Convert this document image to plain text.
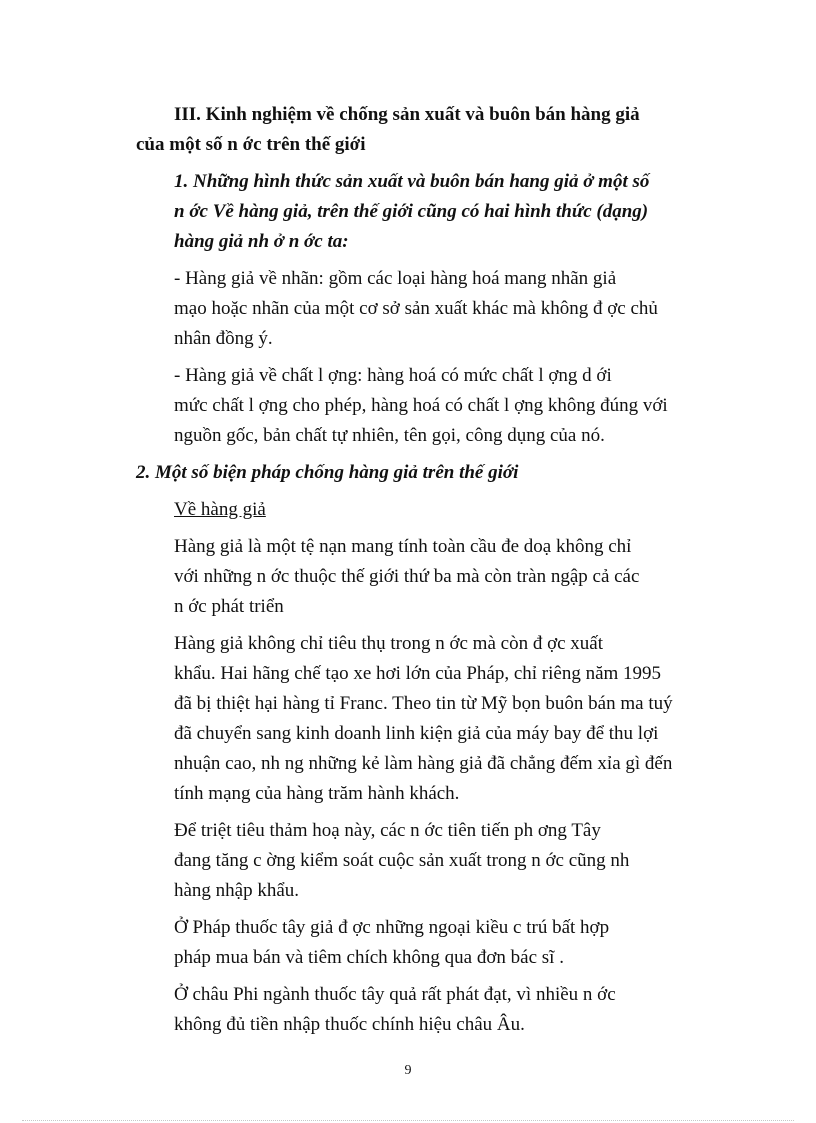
III. Kinh nghiệm về chống sản xuất và buôn bán hàng giả
của một số n ớc trên thế giới

1. Những hình thức sản xuất và buôn bán hang giả ở một số
n ớc Về hàng giả, trên thế giới cũng có hai hình thức (dạng)
hàng giả nh ở n ớc ta:

- Hàng giả về nhãn: gồm các loại hàng hoá mang nhãn giả
mạo hoặc nhãn của một cơ sở sản xuất khác mà không đ ợc chủ
nhân đồng ý.

- Hàng giả về chất l ợng: hàng hoá có mức chất l ợng d ới
mức chất l ợng cho phép, hàng hoá có chất l ợng không đúng với
nguồn gốc, bản chất tự nhiên, tên gọi, công dụng của nó.

2. Một số biện pháp chống hàng giả trên thế giới

Về hàng giả

Hàng giả là một tệ nạn mang tính toàn cầu đe doạ không chỉ
với những n ớc thuộc thế giới thứ ba mà còn tràn ngập cả các
n ớc phát triển

Hàng giả không chỉ tiêu thụ trong n ớc mà còn đ ợc xuất
khẩu. Hai hãng chế tạo xe hơi lớn của Pháp, chỉ riêng năm 1995
đã bị thiệt hại hàng tỉ Franc. Theo tin từ Mỹ bọn buôn bán ma tuý
đã chuyển sang kinh doanh linh kiện giả của máy bay để thu lợi
nhuận cao, nh ng những kẻ làm hàng giả đã chẳng đếm xỉa gì đến
tính mạng của hàng trăm hành khách.

Để triệt tiêu thảm hoạ này, các n ớc tiên tiến ph ơng Tây
đang tăng c ờng kiểm soát cuộc sản xuất trong n ớc cũng nh
hàng nhập khẩu.

Ở Pháp thuốc tây giả đ ợc những ngoại kiều c trú bất hợp
pháp mua bán và tiêm chích không qua đơn bác sĩ .

Ở châu Phi ngành thuốc tây quả rất phát đạt, vì nhiều n ớc
không đủ tiền nhập thuốc chính hiệu châu Âu.

9
